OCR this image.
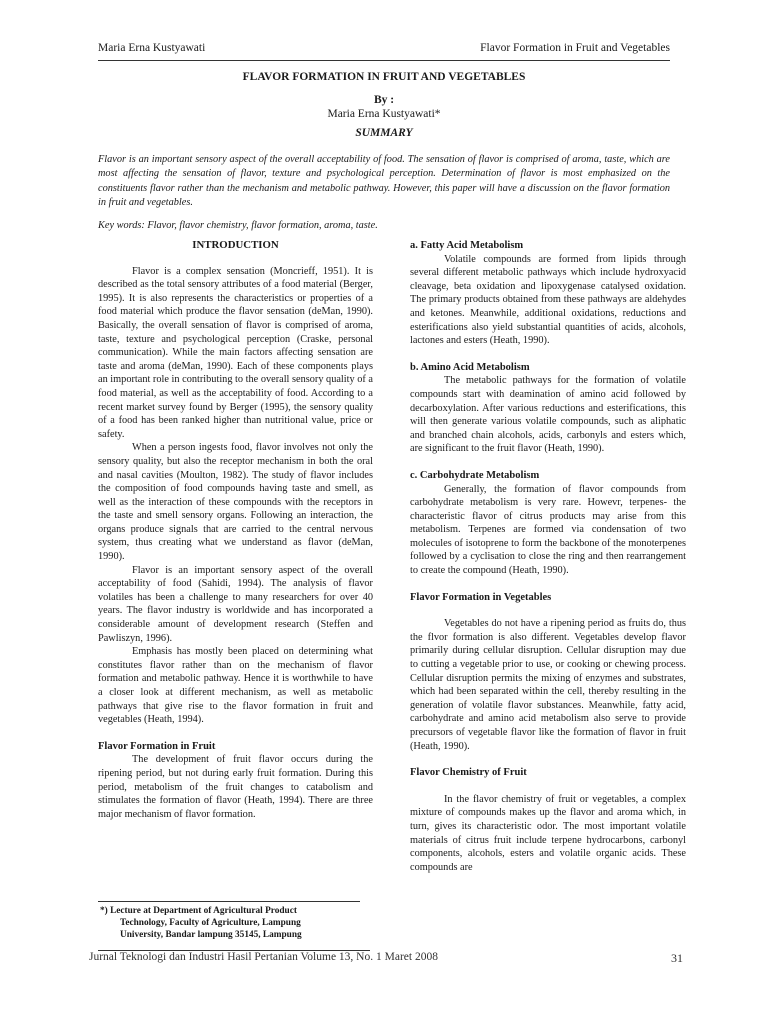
Maria Erna Kustyawati	Flavor Formation in Fruit and Vegetables
FLAVOR FORMATION IN FRUIT AND VEGETABLES
By :
Maria Erna Kustyawati*
SUMMARY
Flavor is an important sensory aspect of the overall acceptability of food. The sensation of flavor is comprised of aroma, taste, which are most affecting the sensation of flavor, texture and psychological perception. Determination of flavor is most emphasized on the constituents flavor rather than the mechanism and metabolic pathway. However, this paper will have a discussion on the flavor formation in fruit and vegetables.
Key words: Flavor, flavor chemistry, flavor formation, aroma, taste.
INTRODUCTION

Flavor is a complex sensation (Moncrieff, 1951). It is described as the total sensory attributes of a food material (Berger, 1995). It is also represents the characteristics or properties of a food material which produce the flavor sensation (deMan, 1990). Basically, the overall sensation of flavor is comprised of aroma, taste, texture and psychological perception (Craske, personal communication). While the main factors affecting sensation are taste and aroma (deMan, 1990). Each of these components plays an important role in contributing to the overall sensory quality of a food material, as well as the acceptability of food. According to a recent market survey found by Berger (1995), the sensory quality of a food has been ranked higher than nutritional value, price or safety.

When a person ingests food, flavor involves not only the sensory quality, but also the receptor mechanism in both the oral and nasal cavities (Moulton, 1982). The study of flavor includes the composition of food compounds having taste and smell, as well as the interaction of these compounds with the receptors in the taste and smell sensory organs. Following an interaction, the organs produce signals that are carried to the central nervous system, thus creating what we understand as flavor (deMan, 1990).

Flavor is an important sensory aspect of the overall acceptability of food (Sahidi, 1994). The analysis of flavor volatiles has been a challenge to many researchers for over 40 years. The flavor industry is worldwide and has incorporated a considerable amount of development research (Steffen and Pawliszyn, 1996).

Emphasis has mostly been placed on determining what constitutes flavor rather than on the mechanism of flavor formation and metabolic pathway. Hence it is worthwhile to have a closer look at different mechanism, as well as metabolic pathways that give rise to the flavor formation in fruit and vegetables (Heath, 1994).

Flavor Formation in Fruit

The development of fruit flavor occurs during the ripening period, but not during early fruit formation. During this period, metabolism of the fruit changes to catabolism and stimulates the formation of flavor (Heath, 1994). There are three major mechanism of flavor formation.

*) Lecture at Department of Agricultural Product
Technology, Faculty of Agriculture, Lampung
University, Bandar lampung 35145, Lampung
a. Fatty Acid Metabolism

Volatile compounds are formed from lipids through several different metabolic pathways which include hydroxyacid cleavage, beta oxidation and lipoxygenase catalysed oxidation. The primary products obtained from these pathways are aldehydes and ketones. Meanwhile, additional oxidations, reductions and esterifications also yield substantial quantities of acids, alcohols, lactones and esters (Heath, 1990).

b. Amino Acid Metabolism

The metabolic pathways for the formation of volatile compounds start with deamination of amino acid followed by decarboxylation. After various reductions and esterifications, this will then generate various volatile compounds, such as aliphatic and branched chain alcohols, acids, carbonyls and esters which, are significant to the fruit flavor (Heath, 1990).

c. Carbohydrate Metabolism

Generally, the formation of flavor compounds from carbohydrate metabolism is very rare. Howevr, terpenes- the characteristic flavor of citrus products may arise from this metabolism. Terpenes are formed via condensation of two molecules of isotoprene to form the backbone of the monoterpenes followed by a cyclisation to close the ring and then rearrangement to create the compound (Heath, 1990).

Flavor Formation in Vegetables

Vegetables do not have a ripening period as fruits do, thus the flvor formation is also different. Vegetables develop flavor primarily during cellular disruption. Cellular disruption may due to cutting a vegetable prior to use, or cooking or chewing process. Cellular disruption permits the mixing of enzymes and substrates, which had been separated within the cell, thereby resulting in the generation of volatile flavor substances. Meanwhile, fatty acid, carbohydrate and amino acid metabolism also serve to provide precursors of vegetable flavor like the formation of flavor in fruit (Heath, 1990).

Flavor Chemistry of Fruit

In the flavor chemistry of fruit or vegetables, a complex mixture of compounds makes up the flavor and aroma which, in turn, gives its characteristic odor. The most important volatile materials of citrus fruit include terpene hydrocarbons, carbonyl components, alcohols, esters and volatile organic acids. These compounds are

Jurnal Teknologi dan Industri Hasil Pertanian Volume 13, No. 1 Maret 2008	31
